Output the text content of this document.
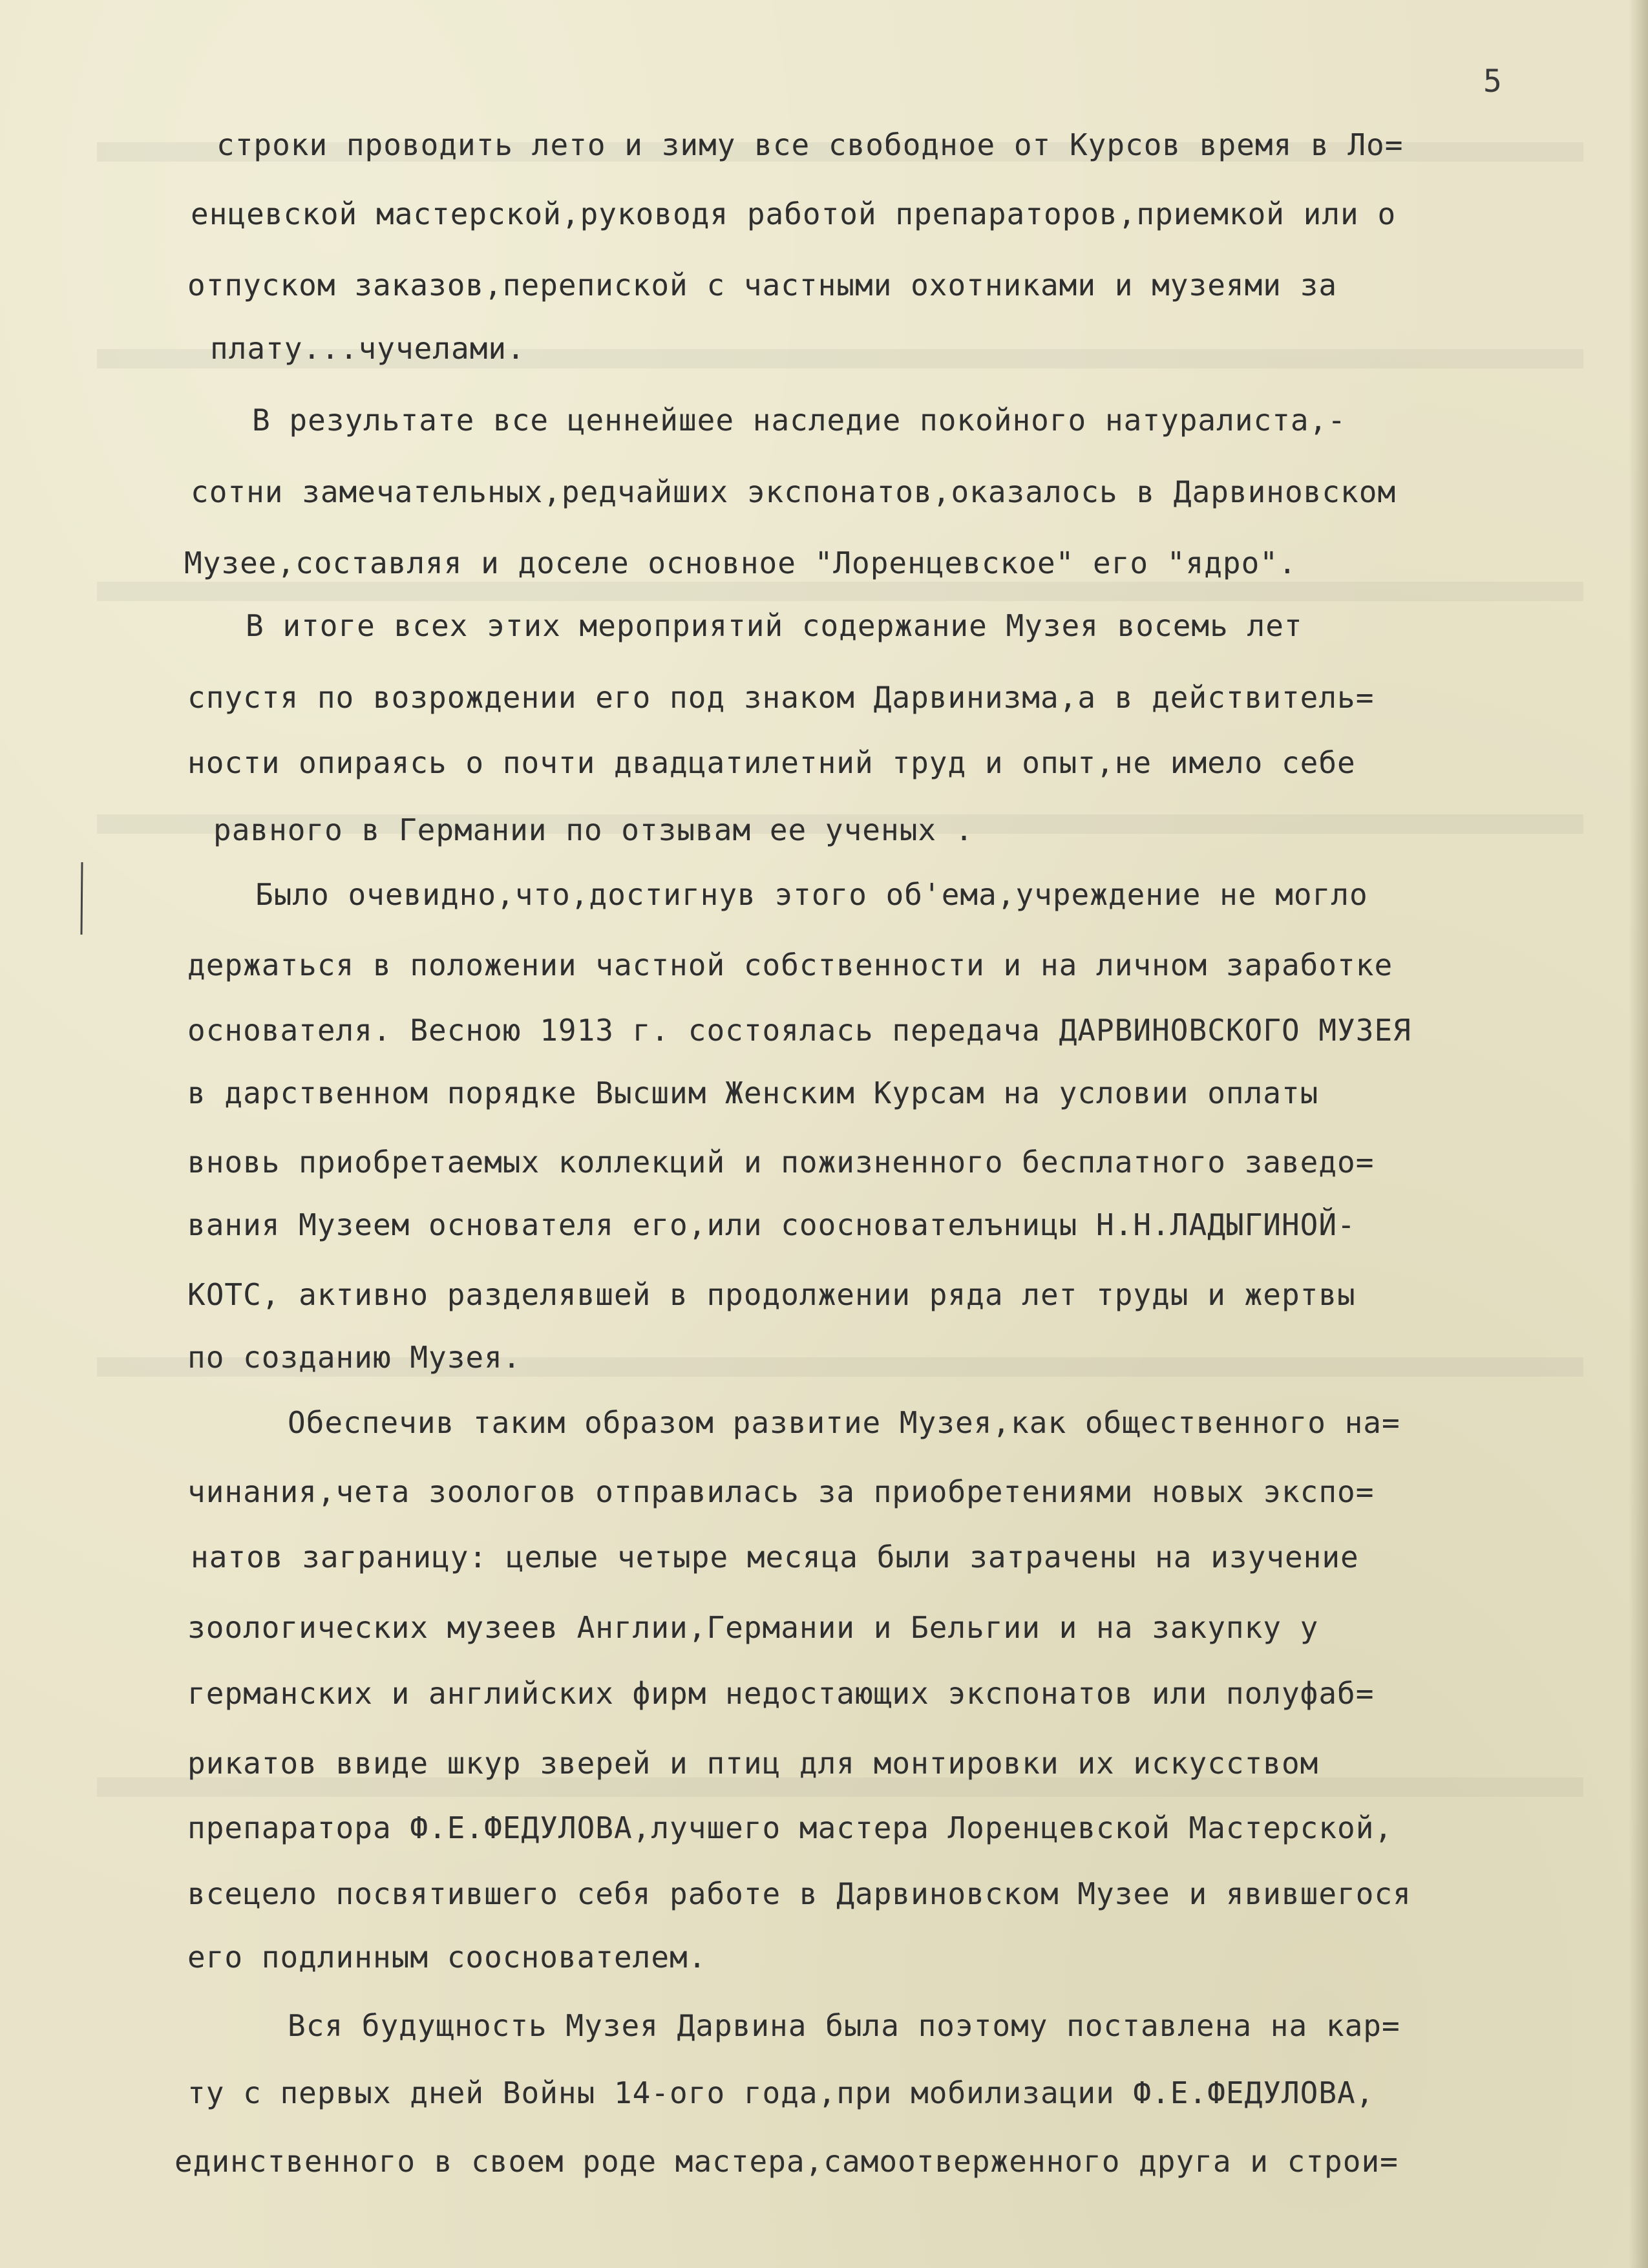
5

строки проводить лето и зиму все свободное от Курсов время в Ло=

енцевской мастерской,руководя работой препараторов,приемкой или о

отпуском заказов,перепиской с частными охотниками и музеями за

плату...чучелами.

В результате все ценнейшее наследие покойного натуралиста,-

сотни замечательных,редчайших экспонатов,оказалось в Дарвиновском

Музее,составляя и доселе основное "Лоренцевское" его "ядро".

В итоге всех этих мероприятий содержание Музея восемь лет

спустя по возрождении его под знаком Дарвинизма,а в действитель=

ности опираясь о почти двадцатилетний труд и опыт,не имело себе

равного в Германии по отзывам ее ученых .

Было очевидно,что,достигнув этого об'ема,учреждение не могло

держаться в положении частной собственности и на личном заработке

основателя. Весною 1913 г. состоялась передача ДАРВИНОВСКОГО МУЗЕЯ

в дарственном порядке Высшим Женским Курсам на условии оплаты

вновь приобретаемых коллекций и пожизненного бесплатного заведо=

вания Музеем основателя его,или сооснователъницы Н.Н.ЛАДЫГИНОЙ-

КОТС, активно разделявшей в продолжении ряда лет труды и жертвы

по созданию Музея.

Обеспечив таким образом развитие Музея,как общественного на=

чинания,чета зоологов отправилась за приобретениями новых экспо=

натов заграницу: целые четыре месяца были затрачены на изучение

зоологических музеев Англии,Германии и Бельгии и на закупку у

германских и английских фирм недостающих экспонатов или полуфаб=

рикатов ввиде шкур зверей и птиц для монтировки их искусством

препаратора Ф.Е.ФЕДУЛОВА,лучшего мастера Лоренцевской Мастерской,

всецело посвятившего себя работе в Дарвиновском Музее и явившегося

его подлинным сооснователем.

Вся будущность Музея Дарвина была поэтому поставлена на кар=

ту с первых дней Войны 14-ого года,при мобилизации Ф.Е.ФЕДУЛОВА,

единственного в своем роде мастера,самоотверженного друга и строи=
